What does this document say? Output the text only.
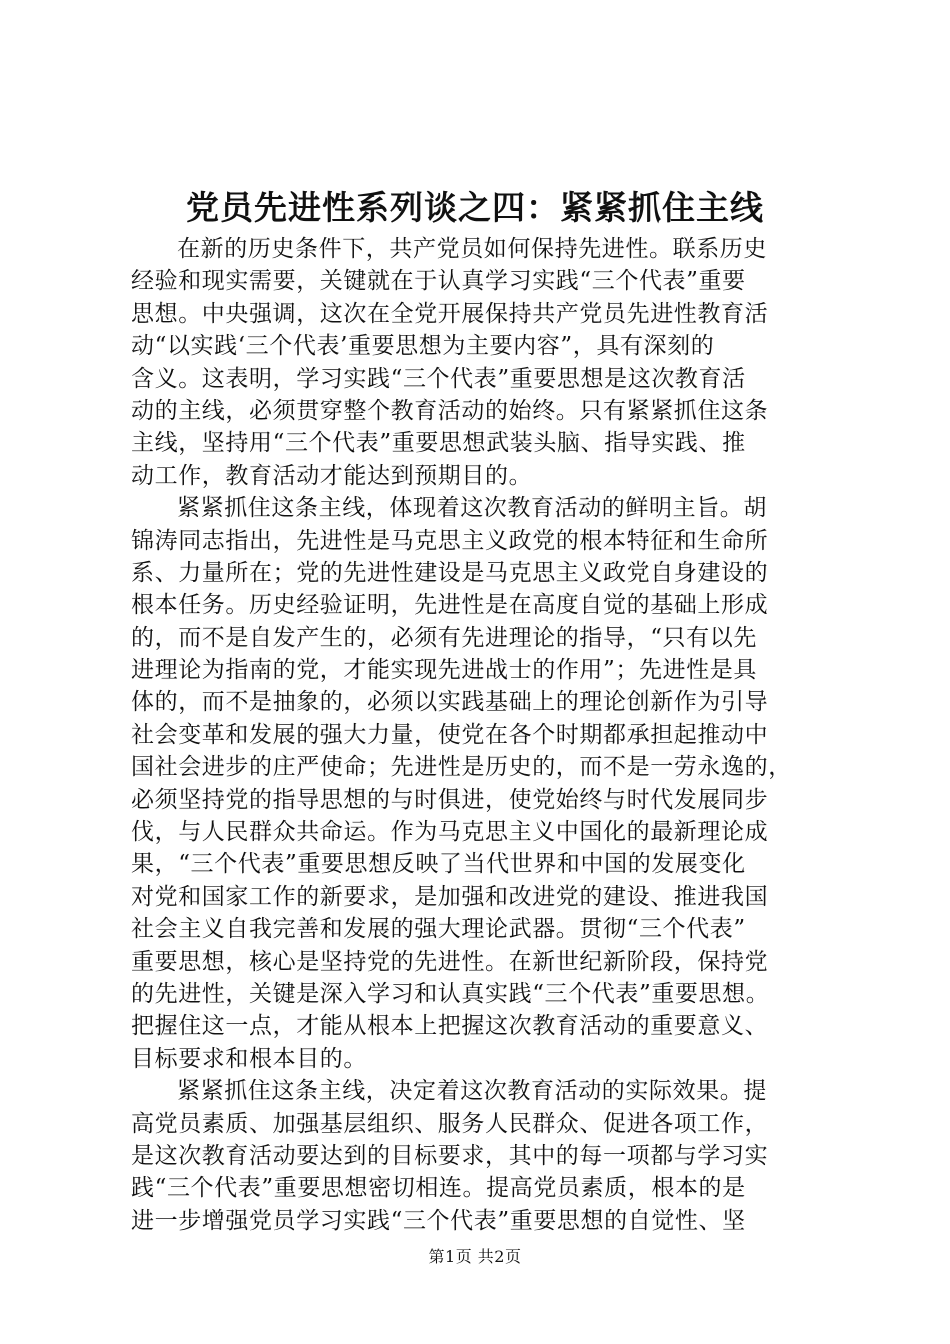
党员先进性系列谈之四：紧紧抓住主线
在新的历史条件下，共产党员如何保持先进性。联系历史
经验和现实需要，关键就在于认真学习实践“三个代表”重要
思想。中央强调，这次在全党开展保持共产党员先进性教育活
动“以实践‘三个代表’重要思想为主要内容”，具有深刻的
含义。这表明，学习实践“三个代表”重要思想是这次教育活
动的主线，必须贯穿整个教育活动的始终。只有紧紧抓住这条
主线，坚持用“三个代表”重要思想武装头脑、指导实践、推
动工作，教育活动才能达到预期目的。
紧紧抓住这条主线，体现着这次教育活动的鲜明主旨。胡
锦涛同志指出，先进性是马克思主义政党的根本特征和生命所
系、力量所在；党的先进性建设是马克思主义政党自身建设的
根本任务。历史经验证明，先进性是在高度自觉的基础上形成
的，而不是自发产生的，必须有先进理论的指导，“只有以先
进理论为指南的党，才能实现先进战士的作用”；先进性是具
体的，而不是抽象的，必须以实践基础上的理论创新作为引导
社会变革和发展的强大力量，使党在各个时期都承担起推动中
国社会进步的庄严使命；先进性是历史的，而不是一劳永逸的，
必须坚持党的指导思想的与时俱进，使党始终与时代发展同步
伐，与人民群众共命运。作为马克思主义中国化的最新理论成
果，“三个代表”重要思想反映了当代世界和中国的发展变化
对党和国家工作的新要求，是加强和改进党的建设、推进我国
社会主义自我完善和发展的强大理论武器。贯彻“三个代表”
重要思想，核心是坚持党的先进性。在新世纪新阶段，保持党
的先进性，关键是深入学习和认真实践“三个代表”重要思想。
把握住这一点，才能从根本上把握这次教育活动的重要意义、
目标要求和根本目的。
紧紧抓住这条主线，决定着这次教育活动的实际效果。提
高党员素质、加强基层组织、服务人民群众、促进各项工作，
是这次教育活动要达到的目标要求，其中的每一项都与学习实
践“三个代表”重要思想密切相连。提高党员素质，根本的是
进一步增强党员学习实践“三个代表”重要思想的自觉性、坚
第1页 共2页
